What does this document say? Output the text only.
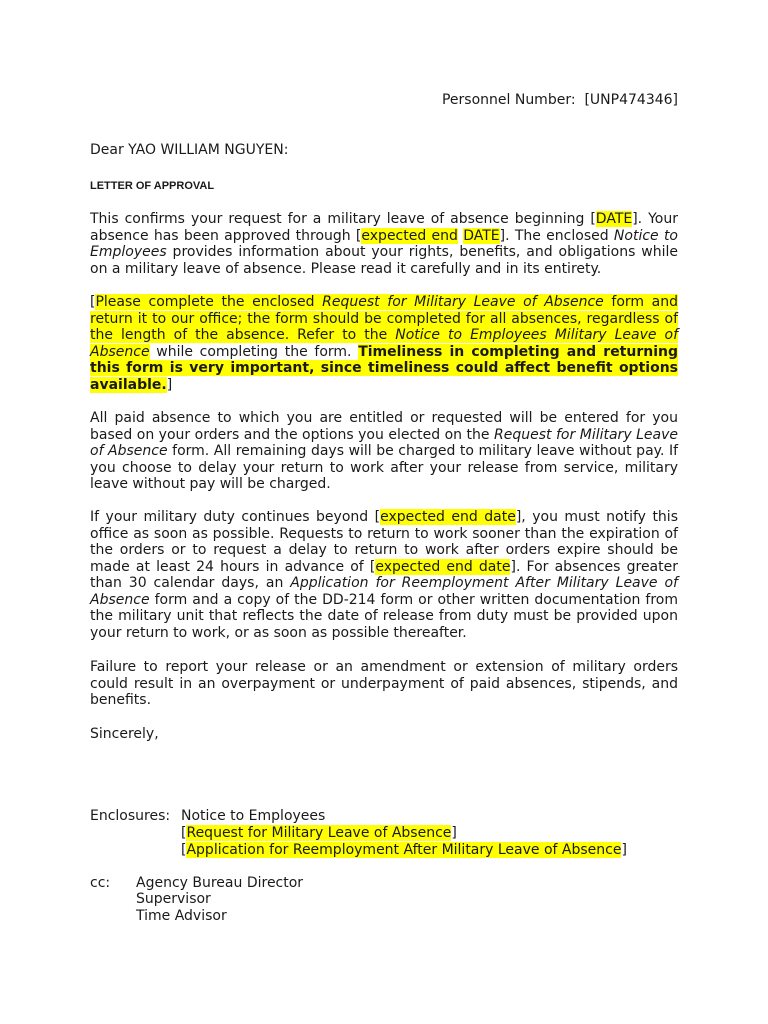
Personnel Number: [UNP474346]
Dear YAO WILLIAM NGUYEN:
LETTER OF APPROVAL

This confirms your request for a military leave of absence beginning [DATE]. Your absence has been approved through [expected end DATE]. The enclosed Notice to Employees provides information about your rights, benefits, and obligations while on a military leave of absence. Please read it carefully and in its entirety.

[Please complete the enclosed Request for Military Leave of Absence form and return it to our office; the form should be completed for all absences, regardless of the length of the absence. Refer to the Notice to Employees Military Leave of Absence while completing the form. Timeliness in completing and returning this form is very important, since timeliness could affect benefit options available.]

All paid absence to which you are entitled or requested will be entered for you based on your orders and the options you elected on the Request for Military Leave of Absence form. All remaining days will be charged to military leave without pay. If you choose to delay your return to work after your release from service, military leave without pay will be charged.

If your military duty continues beyond [expected end date], you must notify this office as soon as possible. Requests to return to work sooner than the expiration of the orders or to request a delay to return to work after orders expire should be made at least 24 hours in advance of [expected end date]. For absences greater than 30 calendar days, an Application for Reemployment After Military Leave of Absence form and a copy of the DD-214 form or other written documentation from the military unit that reflects the date of release from duty must be provided upon your return to work, or as soon as possible thereafter.

Failure to report your release or an amendment or extension of military orders could result in an overpayment or underpayment of paid absences, stipends, and benefits.

Sincerely,
Enclosures: Notice to Employees
[Request for Military Leave of Absence]
[Application for Reemployment After Military Leave of Absence]
cc: Agency Bureau Director
Supervisor
Time Advisor
